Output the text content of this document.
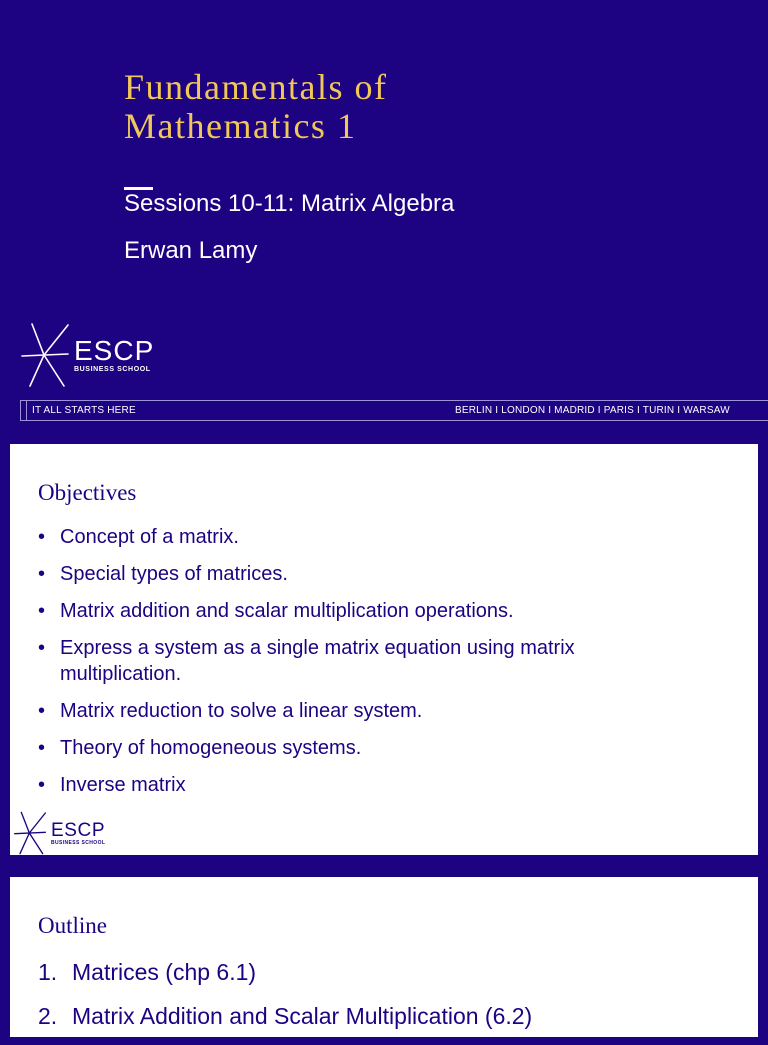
Fundamentals of
Mathematics 1
Sessions 10-11: Matrix Algebra
Erwan Lamy
ESCP
BUSINESS SCHOOL
IT ALL STARTS HERE	BERLIN I LONDON I MADRID I PARIS I TURIN I WARSAW
Objectives
• Concept of a matrix.
• Special types of matrices.
• Matrix addition and scalar multiplication operations.
• Express a system as a single matrix equation using matrix multiplication.
• Matrix reduction to solve a linear system.
• Theory of homogeneous systems.
• Inverse matrix
ESCP
BUSINESS SCHOOL
Outline
1. Matrices (chp 6.1)
2. Matrix Addition and Scalar Multiplication (6.2)
